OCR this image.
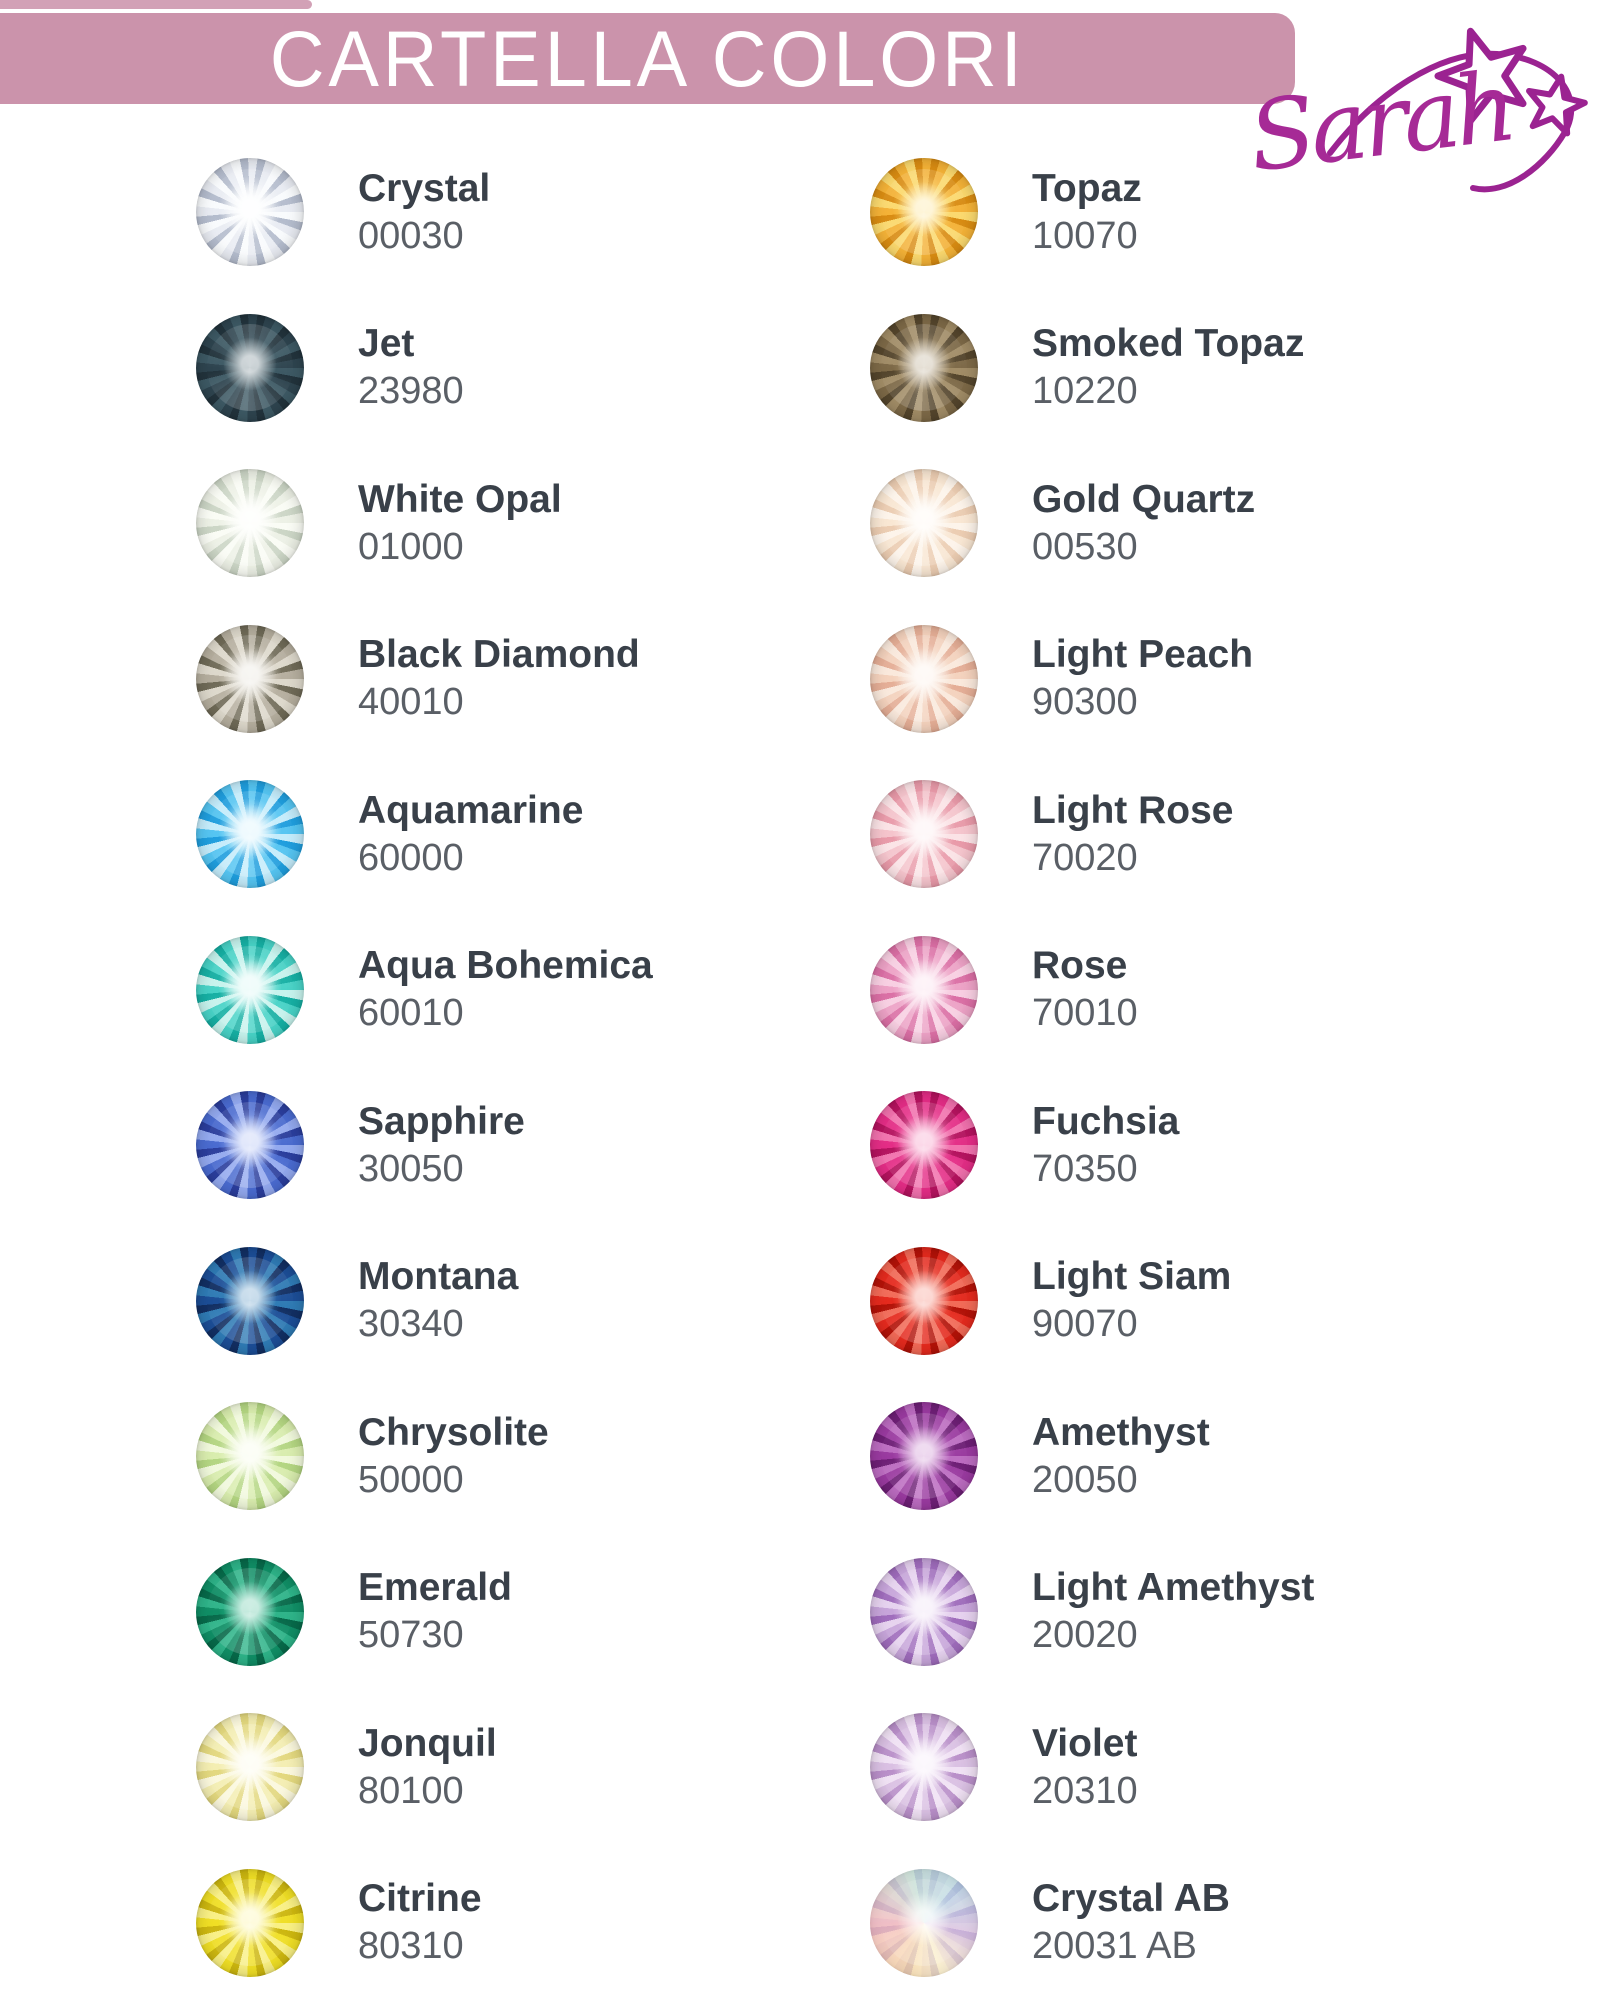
CARTELLA COLORI Sarah
Crystal
00030
Jet
23980
White Opal
01000
Black Diamond
40010
Aquamarine
60000
Aqua Bohemica
60010
Sapphire
30050
Montana
30340
Chrysolite
50000
Emerald
50730
Jonquil
80100
Citrine
80310
Topaz
10070
Smoked Topaz
10220
Gold Quartz
00530
Light Peach
90300
Light Rose
70020
Rose
70010
Fuchsia
70350
Light Siam
90070
Amethyst
20050
Light Amethyst
20020
Violet
20310
Crystal AB
20031 AB
